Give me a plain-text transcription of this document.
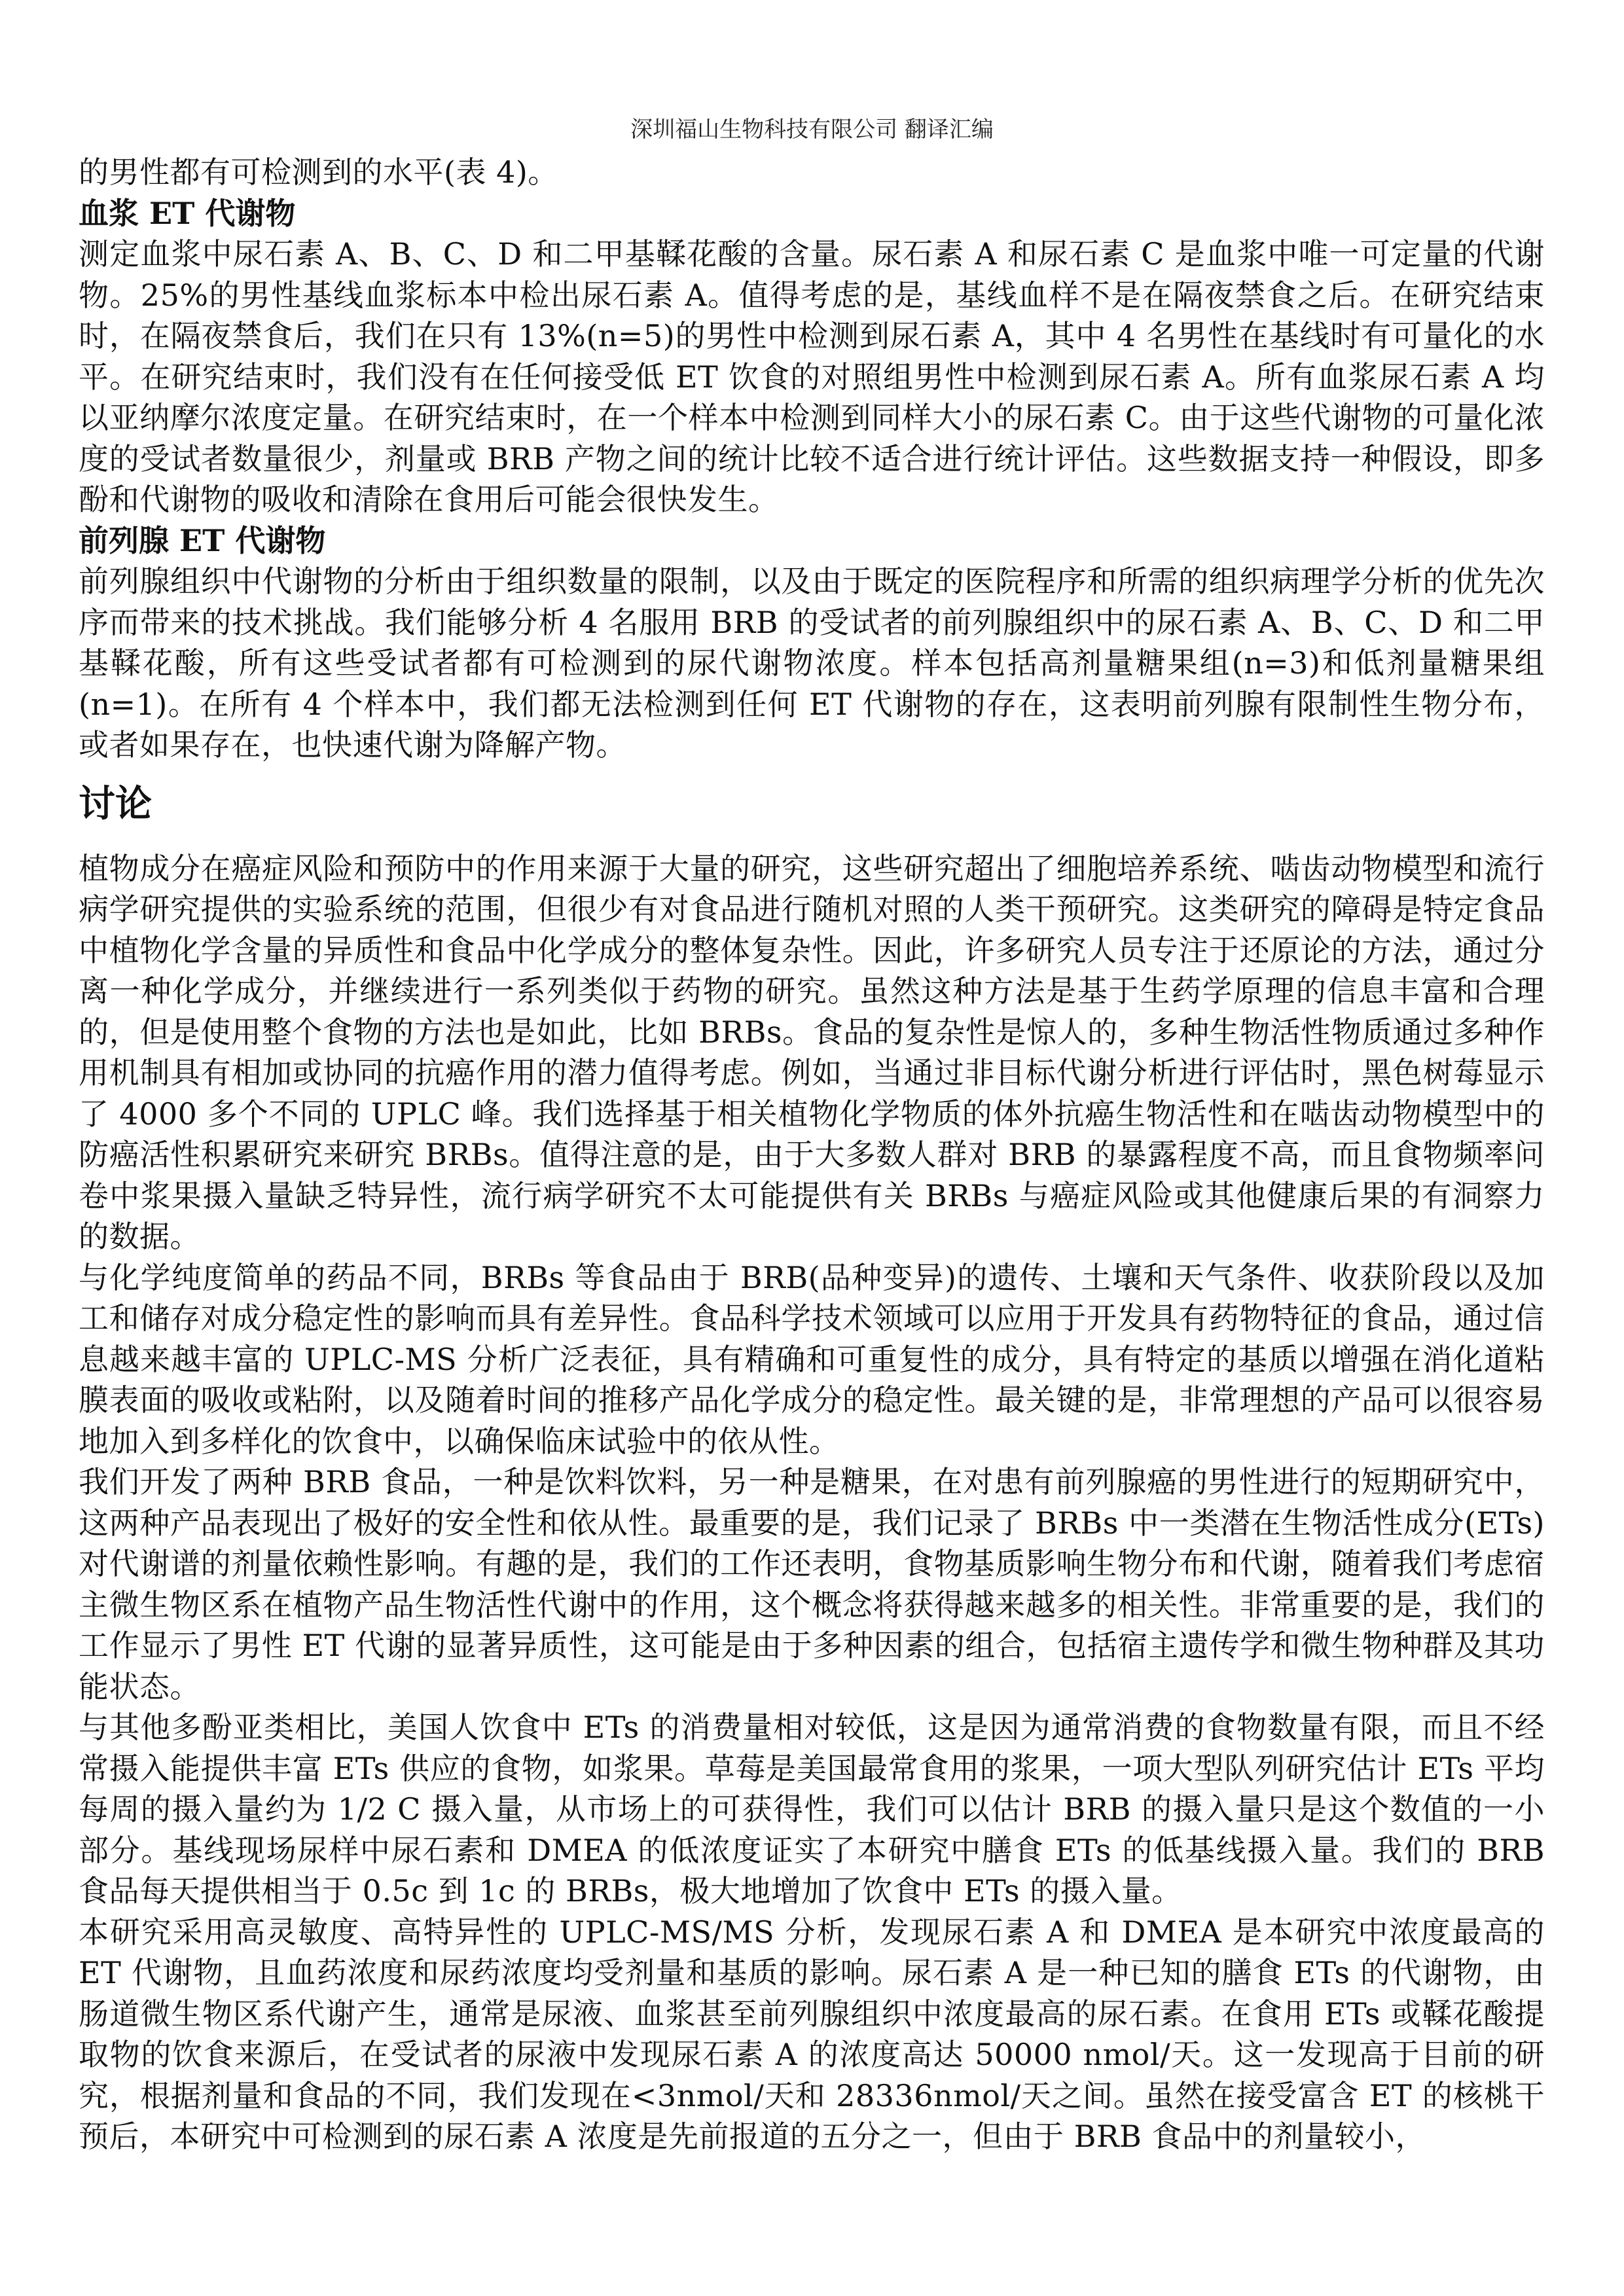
深圳福山生物科技有限公司 翻译汇编

的男性都有可检测到的水平(表 4)。

血浆 ET 代谢物

测定血浆中尿石素 A、B、C、D 和二甲基鞣花酸的含量。尿石素 A 和尿石素 C 是血浆中唯一可定量的代谢物。25%的男性基线血浆标本中检出尿石素 A。值得考虑的是，基线血样不是在隔夜禁食之后。在研究结束时，在隔夜禁食后，我们在只有 13%(n=5)的男性中检测到尿石素 A，其中 4 名男性在基线时有可量化的水平。在研究结束时，我们没有在任何接受低 ET 饮食的对照组男性中检测到尿石素 A。所有血浆尿石素 A 均以亚纳摩尔浓度定量。在研究结束时，在一个样本中检测到同样大小的尿石素 C。由于这些代谢物的可量化浓度的受试者数量很少，剂量或 BRB 产物之间的统计比较不适合进行统计评估。这些数据支持一种假设，即多酚和代谢物的吸收和清除在食用后可能会很快发生。

前列腺 ET 代谢物

前列腺组织中代谢物的分析由于组织数量的限制，以及由于既定的医院程序和所需的组织病理学分析的优先次序而带来的技术挑战。我们能够分析 4 名服用 BRB 的受试者的前列腺组织中的尿石素 A、B、C、D 和二甲基鞣花酸，所有这些受试者都有可检测到的尿代谢物浓度。样本包括高剂量糖果组(n=3)和低剂量糖果组(n=1)。在所有 4 个样本中，我们都无法检测到任何 ET 代谢物的存在，这表明前列腺有限制性生物分布，或者如果存在，也快速代谢为降解产物。

讨论

植物成分在癌症风险和预防中的作用来源于大量的研究，这些研究超出了细胞培养系统、啮齿动物模型和流行病学研究提供的实验系统的范围，但很少有对食品进行随机对照的人类干预研究。这类研究的障碍是特定食品中植物化学含量的异质性和食品中化学成分的整体复杂性。因此，许多研究人员专注于还原论的方法，通过分离一种化学成分，并继续进行一系列类似于药物的研究。虽然这种方法是基于生药学原理的信息丰富和合理的，但是使用整个食物的方法也是如此，比如 BRBs。食品的复杂性是惊人的，多种生物活性物质通过多种作用机制具有相加或协同的抗癌作用的潜力值得考虑。例如，当通过非目标代谢分析进行评估时，黑色树莓显示了 4000 多个不同的 UPLC 峰。我们选择基于相关植物化学物质的体外抗癌生物活性和在啮齿动物模型中的防癌活性积累研究来研究 BRBs。值得注意的是，由于大多数人群对 BRB 的暴露程度不高，而且食物频率问卷中浆果摄入量缺乏特异性，流行病学研究不太可能提供有关 BRBs 与癌症风险或其他健康后果的有洞察力的数据。

与化学纯度简单的药品不同，BRBs 等食品由于 BRB(品种变异)的遗传、土壤和天气条件、收获阶段以及加工和储存对成分稳定性的影响而具有差异性。食品科学技术领域可以应用于开发具有药物特征的食品，通过信息越来越丰富的 UPLC-MS 分析广泛表征，具有精确和可重复性的成分，具有特定的基质以增强在消化道粘膜表面的吸收或粘附，以及随着时间的推移产品化学成分的稳定性。最关键的是，非常理想的产品可以很容易地加入到多样化的饮食中，以确保临床试验中的依从性。

我们开发了两种 BRB 食品，一种是饮料饮料，另一种是糖果，在对患有前列腺癌的男性进行的短期研究中，这两种产品表现出了极好的安全性和依从性。最重要的是，我们记录了 BRBs 中一类潜在生物活性成分(ETs)对代谢谱的剂量依赖性影响。有趣的是，我们的工作还表明，食物基质影响生物分布和代谢，随着我们考虑宿主微生物区系在植物产品生物活性代谢中的作用，这个概念将获得越来越多的相关性。非常重要的是，我们的工作显示了男性 ET 代谢的显著异质性，这可能是由于多种因素的组合，包括宿主遗传学和微生物种群及其功能状态。

与其他多酚亚类相比，美国人饮食中 ETs 的消费量相对较低，这是因为通常消费的食物数量有限，而且不经常摄入能提供丰富 ETs 供应的食物，如浆果。草莓是美国最常食用的浆果，一项大型队列研究估计 ETs 平均每周的摄入量约为 1/2 C 摄入量，从市场上的可获得性，我们可以估计 BRB 的摄入量只是这个数值的一小部分。基线现场尿样中尿石素和 DMEA 的低浓度证实了本研究中膳食 ETs 的低基线摄入量。我们的 BRB 食品每天提供相当于 0.5c 到 1c 的 BRBs，极大地增加了饮食中 ETs 的摄入量。

本研究采用高灵敏度、高特异性的 UPLC-MS/MS 分析，发现尿石素 A 和 DMEA 是本研究中浓度最高的 ET 代谢物，且血药浓度和尿药浓度均受剂量和基质的影响。尿石素 A 是一种已知的膳食 ETs 的代谢物，由肠道微生物区系代谢产生，通常是尿液、血浆甚至前列腺组织中浓度最高的尿石素。在食用 ETs 或鞣花酸提取物的饮食来源后，在受试者的尿液中发现尿石素 A 的浓度高达 50000 nmol/天。这一发现高于目前的研究，根据剂量和食品的不同，我们发现在<3nmol/天和 28336nmol/天之间。虽然在接受富含 ET 的核桃干预后，本研究中可检测到的尿石素 A 浓度是先前报道的五分之一，但由于 BRB 食品中的剂量较小，
